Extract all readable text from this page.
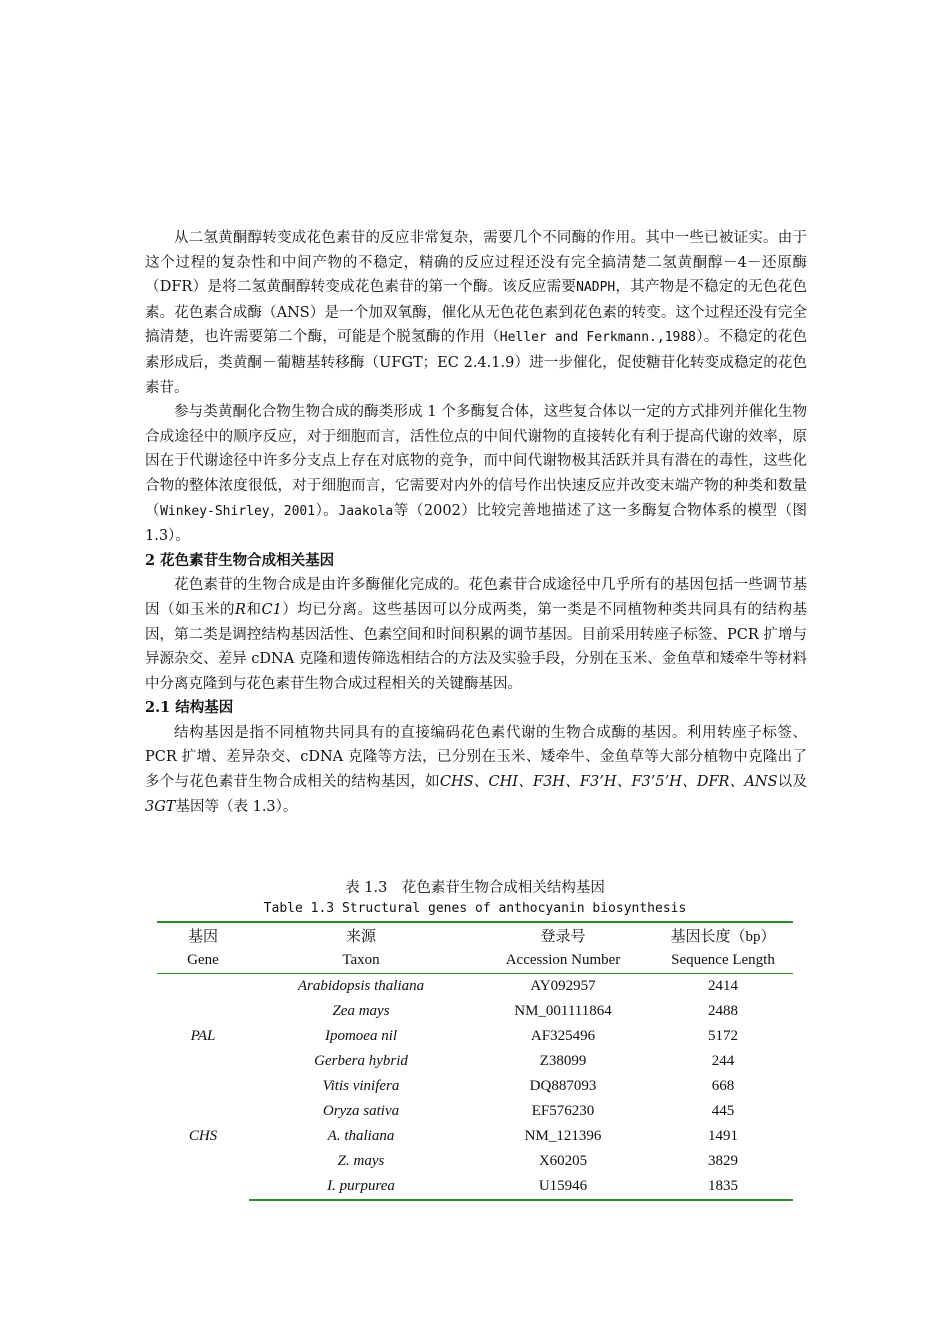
从二氢黄酮醇转变成花色素苷的反应非常复杂，需要几个不同酶的作用。其中一些已被证实。由于这个过程的复杂性和中间产物的不稳定，精确的反应过程还没有完全搞清楚二氢黄酮醇－4－还原酶（DFR）是将二氢黄酮醇转变成花色素苷的第一个酶。该反应需要NADPH，其产物是不稳定的无色花色素。花色素合成酶（ANS）是一个加双氧酶，催化从无色花色素到花色素的转变。这个过程还没有完全搞清楚，也许需要第二个酶，可能是个脱氢酶的作用（Heller and Ferkmann.,1988）。不稳定的花色素形成后，类黄酮－葡糖基转移酶（UFGT；EC 2.4.1.9）进一步催化，促使糖苷化转变成稳定的花色素苷。

参与类黄酮化合物生物合成的酶类形成 1 个多酶复合体，这些复合体以一定的方式排列并催化生物合成途径中的顺序反应，对于细胞而言，活性位点的中间代谢物的直接转化有利于提高代谢的效率，原因在于代谢途径中许多分支点上存在对底物的竞争，而中间代谢物极其活跃并具有潜在的毒性，这些化合物的整体浓度很低，对于细胞而言，它需要对内外的信号作出快速反应并改变末端产物的种类和数量（Winkey-Shirley，2001）。Jaakola等（2002）比较完善地描述了这一多酶复合物体系的模型（图1.3）。

2 花色素苷生物合成相关基因

花色素苷的生物合成是由许多酶催化完成的。花色素苷合成途径中几乎所有的基因包括一些调节基因（如玉米的R和C1）均已分离。这些基因可以分成两类，第一类是不同植物种类共同具有的结构基因，第二类是调控结构基因活性、色素空间和时间积累的调节基因。目前采用转座子标签、PCR 扩增与异源杂交、差异 cDNA 克隆和遗传筛选相结合的方法及实验手段，分别在玉米、金鱼草和矮牵牛等材料中分离克隆到与花色素苷生物合成过程相关的关键酶基因。

2.1 结构基因

结构基因是指不同植物共同具有的直接编码花色素代谢的生物合成酶的基因。利用转座子标签、PCR 扩增、差异杂交、cDNA 克隆等方法，已分别在玉米、矮牵牛、金鱼草等大部分植物中克隆出了多个与花色素苷生物合成相关的结构基因，如CHS、CHI、F3H、F3’H、F3’5’H、DFR、ANS以及3GT基因等（表 1.3）。

表 1.3　花色素苷生物合成相关结构基因
Table 1.3 Structural genes of anthocyanin biosynthesis
基因	来源	登录号	基因长度（bp）
Gene	Taxon	Accession Number	Sequence Length
	Arabidopsis thaliana	AY092957	2414
	Zea mays	NM_001111864	2488
PAL	Ipomoea nil	AF325496	5172
	Gerbera hybrid	Z38099	244
	Vitis vinifera	DQ887093	668
	Oryza sativa	EF576230	445
CHS	A. thaliana	NM_121396	1491
	Z. mays	X60205	3829
	I. purpurea	U15946	1835
